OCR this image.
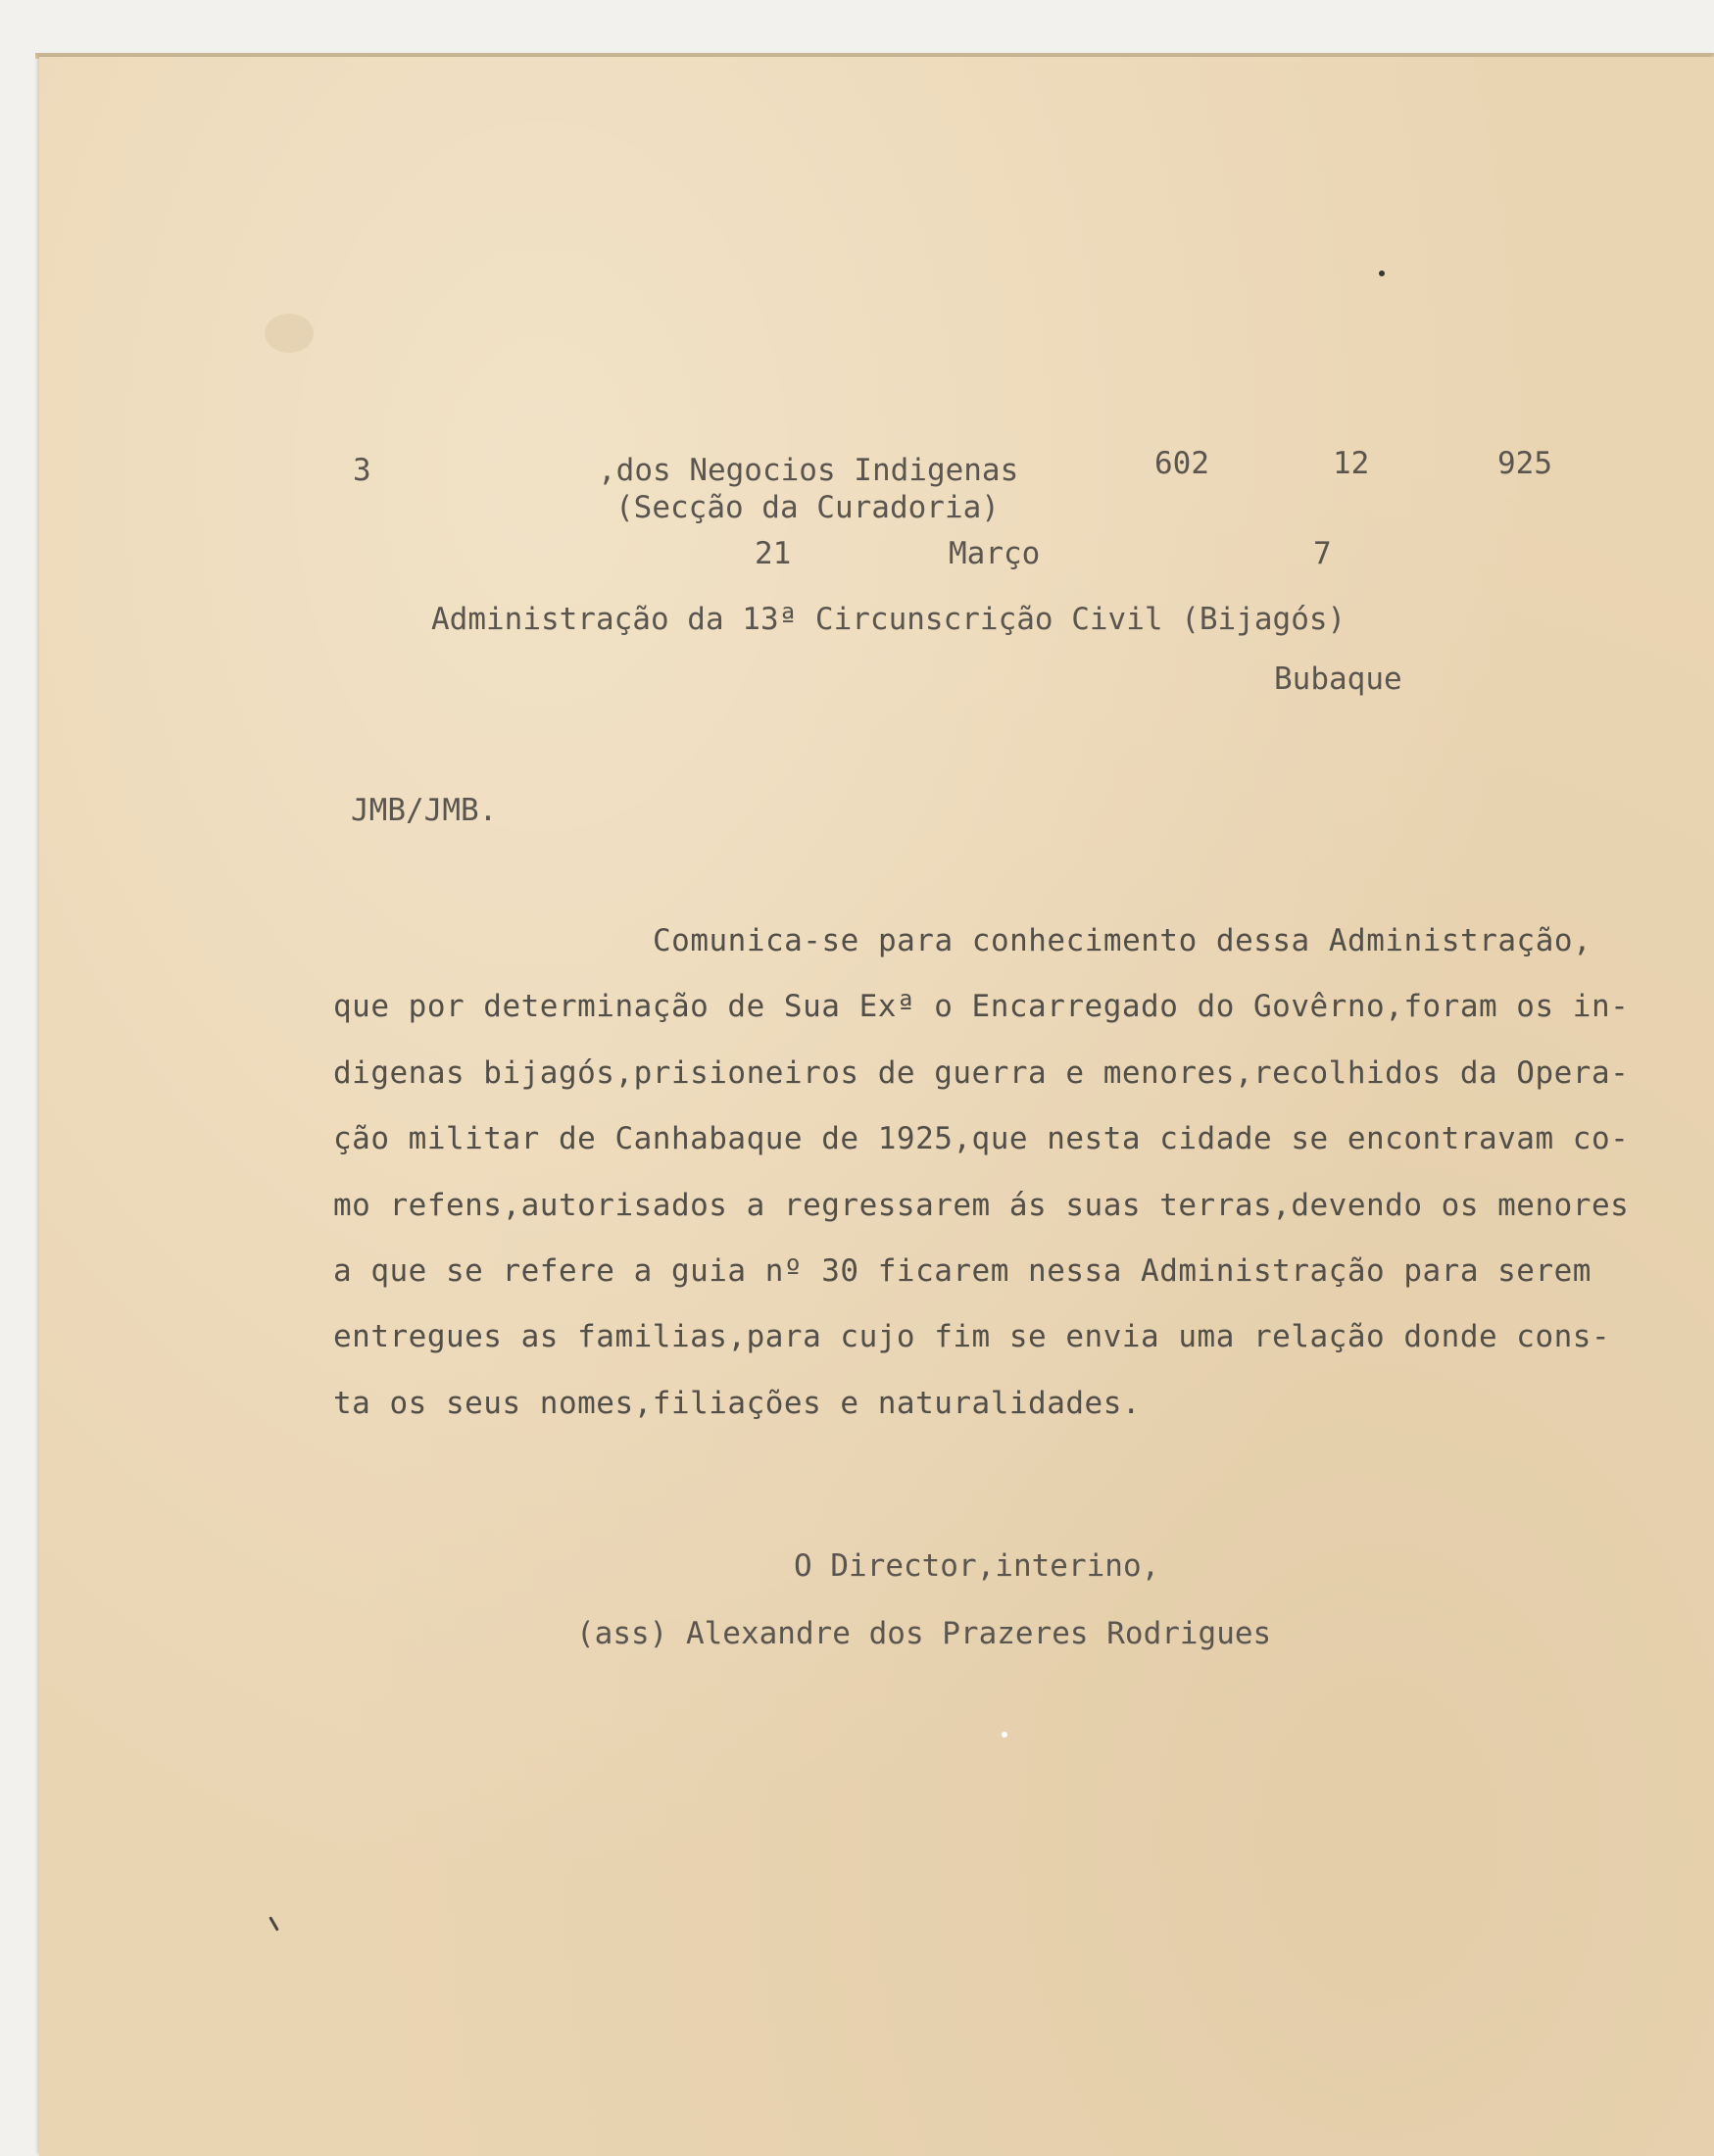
3	,dos Negocios Indigenas	602	12	925
(Secção da Curadoria)
21	Março	7
Administração da 13ª Circunscrição Civil (Bijagós)
Bubaque
JMB/JMB.
Comunica-se para conhecimento dessa Administração,
que por determinação de Sua Exª o Encarregado do Govêrno,foram os in-
digenas bijagós,prisioneiros de guerra e menores,recolhidos da Opera-
ção militar de Canhabaque de 1925,que nesta cidade se encontravam co-
mo refens,autorisados a regressarem ás suas terras,devendo os menores
a que se refere a guia nº 30 ficarem nessa Administração para serem
entregues as familias,para cujo fim se envia uma relação donde cons-
ta os seus nomes,filiações e naturalidades.
O Director,interino,
(ass) Alexandre dos Prazeres Rodrigues
